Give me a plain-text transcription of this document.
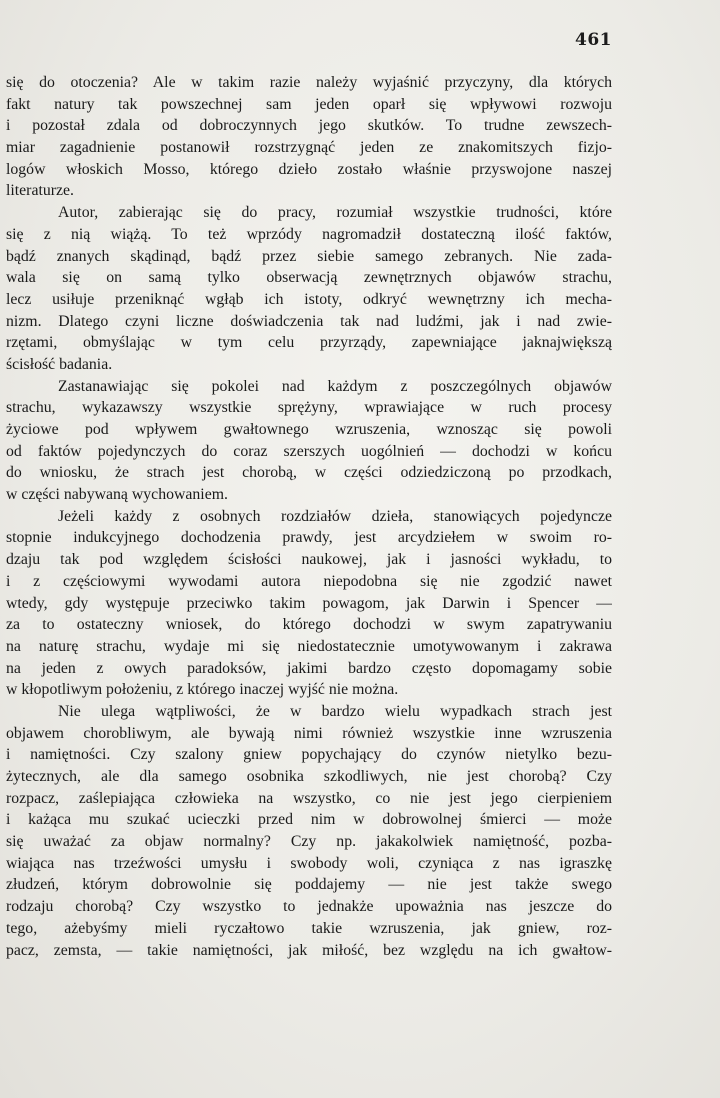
461
się do otoczenia? Ale w takim razie należy wyjaśnić przyczyny, dla których
fakt natury tak powszechnej sam jeden oparł się wpływowi rozwoju
i pozostał zdala od dobroczynnych jego skutków. To trudne zewszech-
miar zagadnienie postanowił rozstrzygnąć jeden ze znakomitszych fizjo-
logów włoskich Mosso, którego dzieło zostało właśnie przyswojone naszej
literaturze.
Autor, zabierając się do pracy, rozumiał wszystkie trudności, które
się z nią wiążą. To też wprzódy nagromadził dostateczną ilość faktów,
bądź znanych skądinąd, bądź przez siebie samego zebranych. Nie zada-
wala się on samą tylko obserwacją zewnętrznych objawów strachu,
lecz usiłuje przeniknąć wgłąb ich istoty, odkryć wewnętrzny ich mecha-
nizm. Dlatego czyni liczne doświadczenia tak nad ludźmi, jak i nad zwie-
rzętami, obmyślając w tym celu przyrządy, zapewniające jaknajwiększą
ścisłość badania.
Zastanawiając się pokolei nad każdym z poszczególnych objawów
strachu, wykazawszy wszystkie sprężyny, wprawiające w ruch procesy
życiowe pod wpływem gwałtownego wzruszenia, wznosząc się powoli
od faktów pojedynczych do coraz szerszych uogólnień — dochodzi w końcu
do wniosku, że strach jest chorobą, w części odziedziczoną po przodkach,
w części nabywaną wychowaniem.
Jeżeli każdy z osobnych rozdziałów dzieła, stanowiących pojedyncze
stopnie indukcyjnego dochodzenia prawdy, jest arcydziełem w swoim ro-
dzaju tak pod względem ścisłości naukowej, jak i jasności wykładu, to
i z częściowymi wywodami autora niepodobna się nie zgodzić nawet
wtedy, gdy występuje przeciwko takim powagom, jak Darwin i Spencer —
za to ostateczny wniosek, do którego dochodzi w swym zapatrywaniu
na naturę strachu, wydaje mi się niedostatecznie umotywowanym i zakrawa
na jeden z owych paradoksów, jakimi bardzo często dopomagamy sobie
w kłopotliwym położeniu, z którego inaczej wyjść nie można.
Nie ulega wątpliwości, że w bardzo wielu wypadkach strach jest
objawem chorobliwym, ale bywają nimi również wszystkie inne wzruszenia
i namiętności. Czy szalony gniew popychający do czynów nietylko bezu-
żytecznych, ale dla samego osobnika szkodliwych, nie jest chorobą? Czy
rozpacz, zaślepiająca człowieka na wszystko, co nie jest jego cierpieniem
i każąca mu szukać ucieczki przed nim w dobrowolnej śmierci — może
się uważać za objaw normalny? Czy np. jakakolwiek namiętność, pozba-
wiająca nas trzeźwości umysłu i swobody woli, czyniąca z nas igraszkę
złudzeń, którym dobrowolnie się poddajemy — nie jest także swego
rodzaju chorobą? Czy wszystko to jednakże upoważnia nas jeszcze do
tego, ażebyśmy mieli ryczałtowo takie wzruszenia, jak gniew, roz-
pacz, zemsta, — takie namiętności, jak miłość, bez względu na ich gwałtow-
